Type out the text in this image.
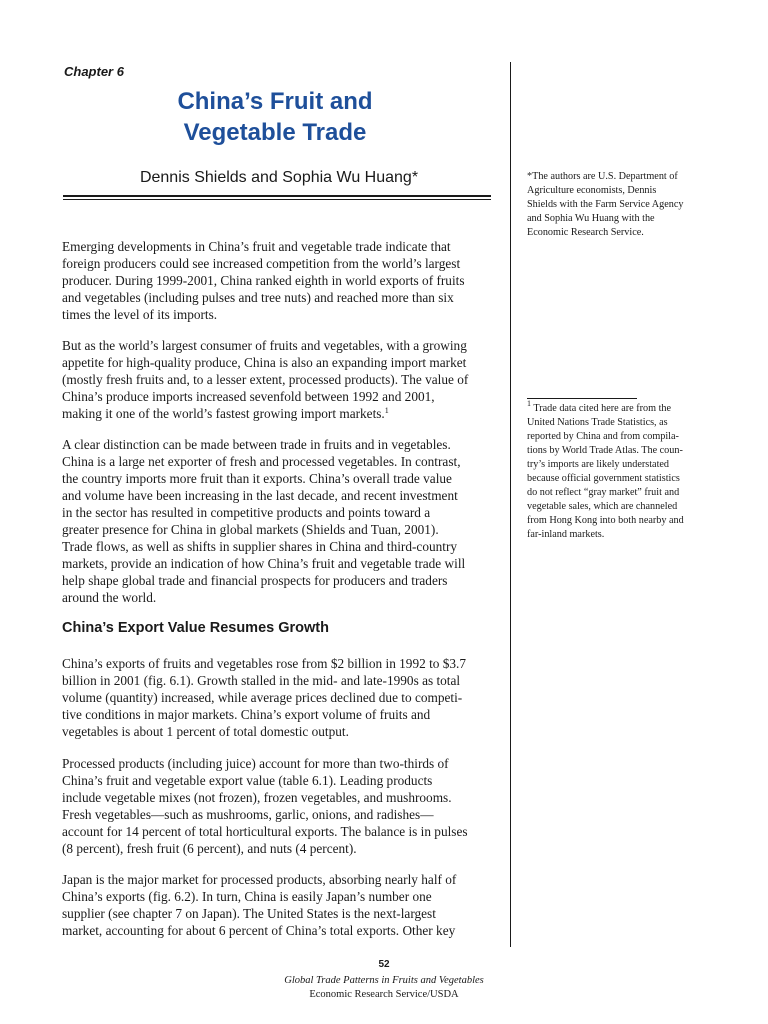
Chapter 6
China’s Fruit and
Vegetable Trade
Dennis Shields and Sophia Wu Huang*	*The authors are U.S. Department of
Agriculture economists, Dennis
Shields with the Farm Service Agency
and Sophia Wu Huang with the
Economic Research Service.
$^1$ Trade data cited here are from the
United Nations Trade Statistics, as
reported by China and from compila-
tions by World Trade Atlas. The coun-
try’s imports are likely understated
because official government statistics
do not reflect “gray market” fruit and
vegetable sales, which are channeled
from Hong Kong into both nearby and
far-inland markets.
Emerging developments in China’s fruit and vegetable trade indicate that
foreign producers could see increased competition from the world’s largest
producer. During 1999-2001, China ranked eighth in world exports of fruits
and vegetables (including pulses and tree nuts) and reached more than six
times the level of its imports.
But as the world’s largest consumer of fruits and vegetables, with a growing
appetite for high-quality produce, China is also an expanding import market
(mostly fresh fruits and, to a lesser extent, processed products). The value of
China’s produce imports increased sevenfold between 1992 and 2001,
making it one of the world’s fastest growing import markets.$^1$
A clear distinction can be made between trade in fruits and in vegetables.
China is a large net exporter of fresh and processed vegetables. In contrast,
the country imports more fruit than it exports. China’s overall trade value
and volume have been increasing in the last decade, and recent investment
in the sector has resulted in competitive products and points toward a
greater presence for China in global markets (Shields and Tuan, 2001).
Trade flows, as well as shifts in supplier shares in China and third-country
markets, provide an indication of how China’s fruit and vegetable trade will
help shape global trade and financial prospects for producers and traders
around the world.
China’s Export Value Resumes Growth
China’s exports of fruits and vegetables rose from $2 billion in 1992 to $3.7
billion in 2001 (fig. 6.1). Growth stalled in the mid- and late-1990s as total
volume (quantity) increased, while average prices declined due to competi-
tive conditions in major markets. China’s export volume of fruits and
vegetables is about 1 percent of total domestic output.
Processed products (including juice) account for more than two-thirds of
China’s fruit and vegetable export value (table 6.1). Leading products
include vegetable mixes (not frozen), frozen vegetables, and mushrooms.
Fresh vegetables—such as mushrooms, garlic, onions, and radishes—
account for 14 percent of total horticultural exports. The balance is in pulses
(8 percent), fresh fruit (6 percent), and nuts (4 percent).
Japan is the major market for processed products, absorbing nearly half of
China’s exports (fig. 6.2). In turn, China is easily Japan’s number one
supplier (see chapter 7 on Japan). The United States is the next-largest
market, accounting for about 6 percent of China’s total exports. Other key
52
Global Trade Patterns in Fruits and Vegetables
Economic Research Service/USDA
